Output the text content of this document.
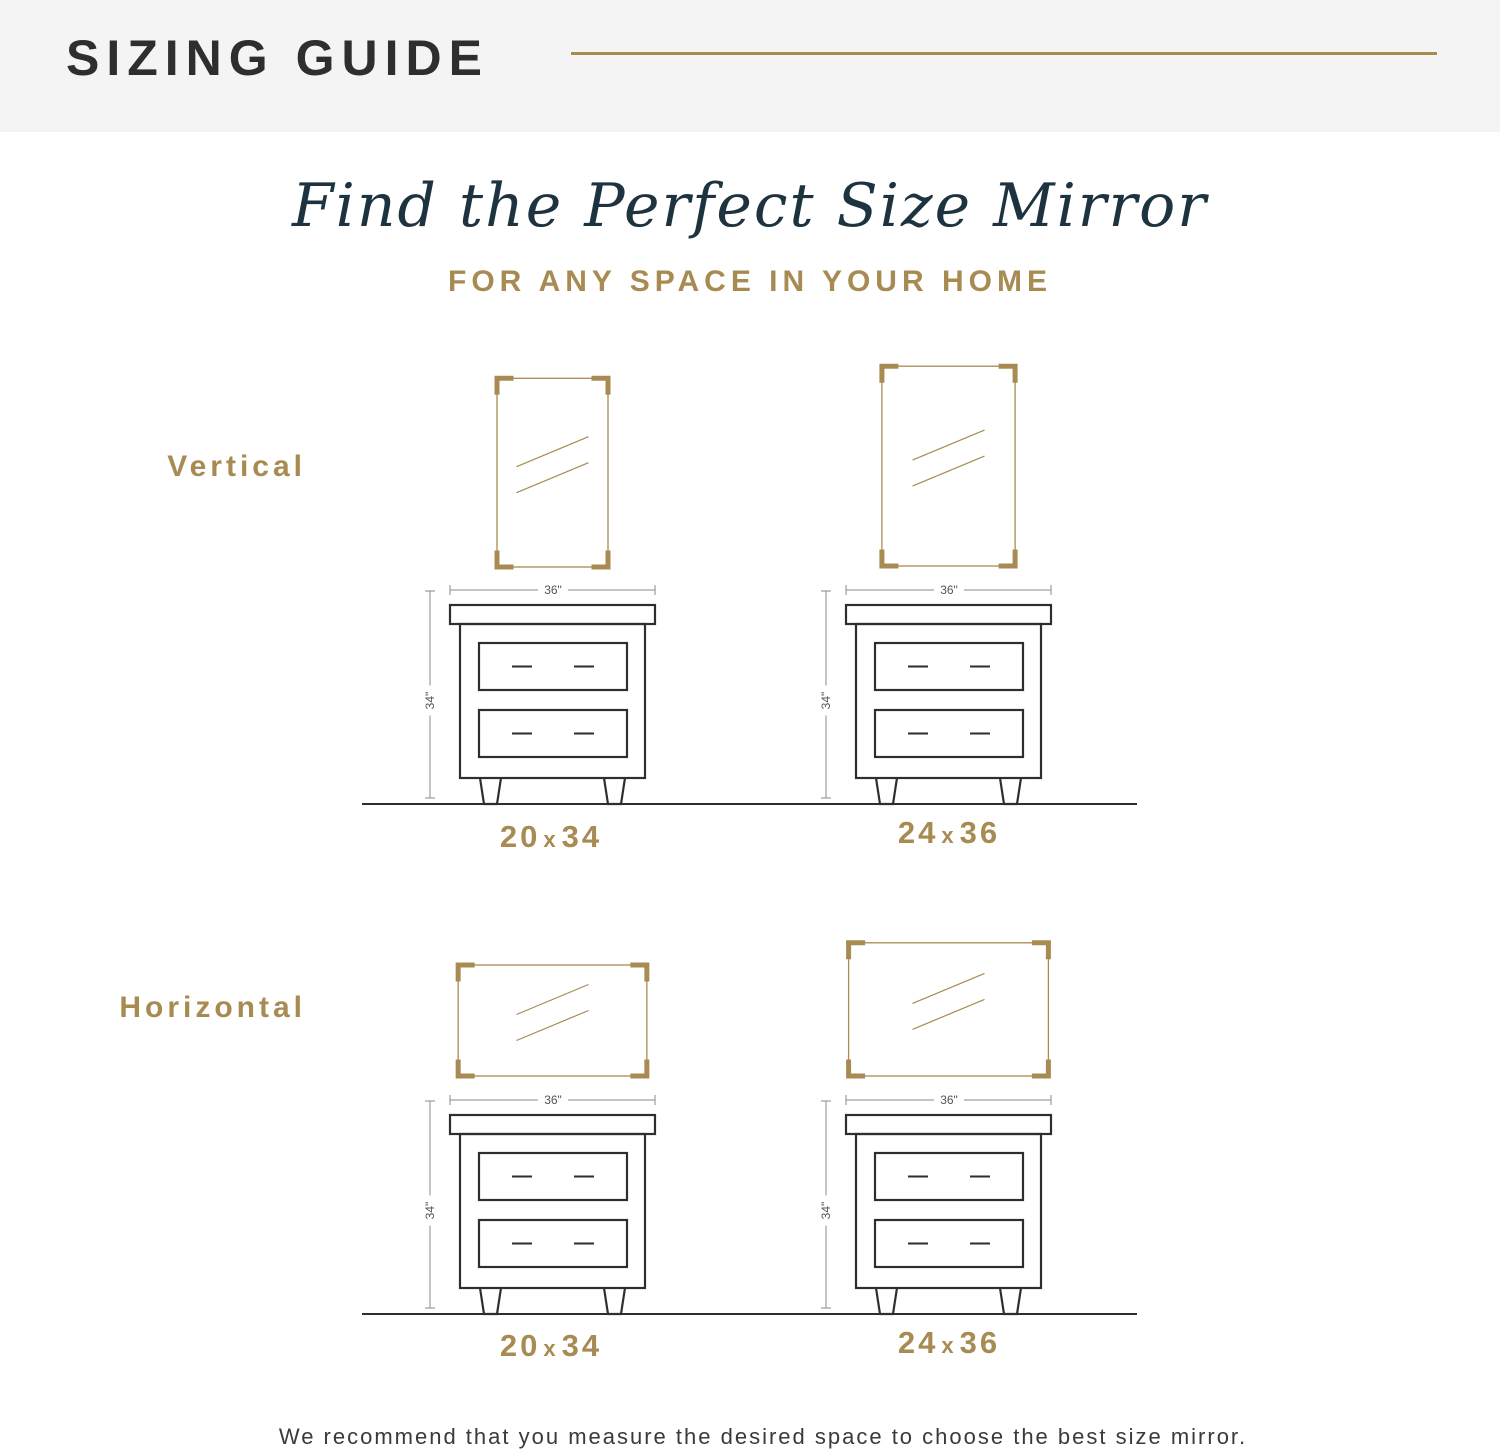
SIZING GUIDE
Find the Perfect Size Mirror
FOR ANY SPACE IN YOUR HOME
Vertical
Horizontal
20 x34	24 x36
20 x34	24 x36
36"
34"
36"
34"
36"
34"
36"
34"
We recommend that you measure the desired space to choose the best size mirror.
